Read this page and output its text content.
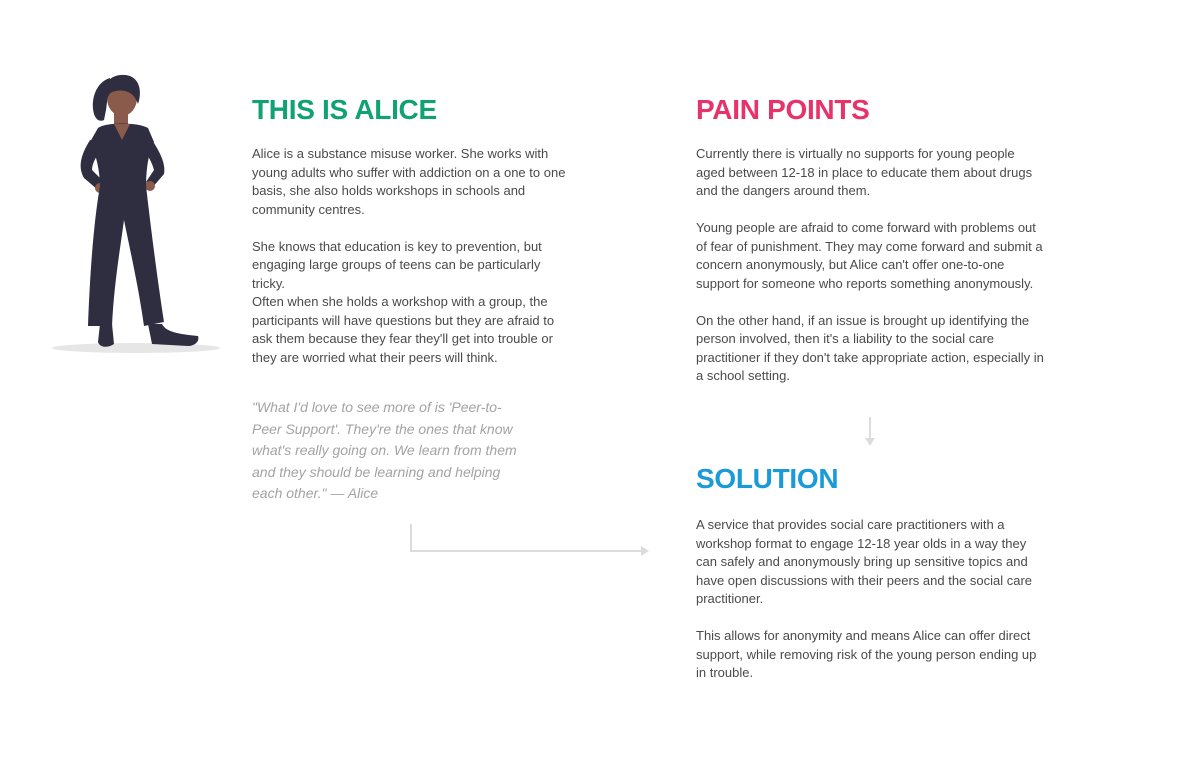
THIS IS ALICE

Alice is a substance misuse worker. She works with young adults who suffer with addiction on a one to one basis, she also holds workshops in schools and community centres.

She knows that education is key to prevention, but engaging large groups of teens can be particularly tricky.
Often when she holds a workshop with a group, the participants will have questions but they are afraid to ask them because they fear they'll get into trouble or they are worried what their peers will think.
"What I'd love to see more of is 'Peer-to-Peer Support'. They're the ones that know what's really going on. We learn from them and they should be learning and helping each other." — Alice
PAIN POINTS

Currently there is virtually no supports for young people aged between 12-18 in place to educate them about drugs and the dangers around them.

Young people are afraid to come forward with problems out of fear of punishment. They may come forward and submit a concern anonymously, but Alice can't offer one-to-one support for someone who reports something anonymously.

On the other hand, if an issue is brought up identifying the person involved, then it's a liability to the social care practitioner if they don't take appropriate action, especially in a school setting.

SOLUTION

A service that provides social care practitioners with a workshop format to engage 12-18 year olds in a way they can safely and anonymously bring up sensitive topics and have open discussions with their peers and the social care practitioner.

This allows for anonymity and means Alice can offer direct support, while removing risk of the young person ending up in trouble.
